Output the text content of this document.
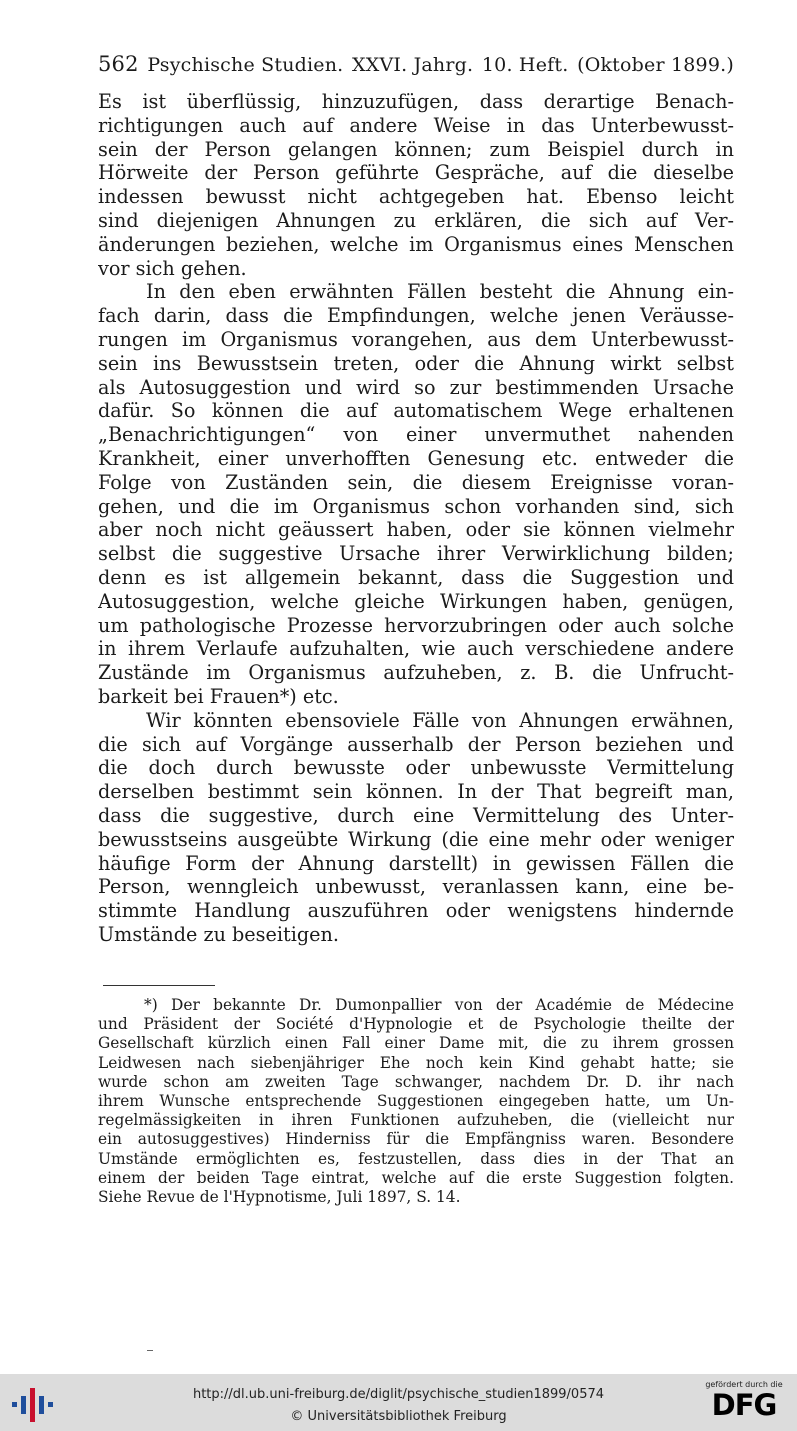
562 Psychische Studien. XXVI. Jahrg. 10. Heft. (Oktober 1899.)
Es ist überflüssig, hinzuzufügen, dass derartige Benach-
richtigungen auch auf andere Weise in das Unterbewusst-
sein der Person gelangen können; zum Beispiel durch in
Hörweite der Person geführte Gespräche, auf die dieselbe
indessen bewusst nicht achtgegeben hat. Ebenso leicht
sind diejenigen Ahnungen zu erklären, die sich auf Ver-
änderungen beziehen, welche im Organismus eines Menschen
vor sich gehen.
In den eben erwähnten Fällen besteht die Ahnung ein-
fach darin, dass die Empfindungen, welche jenen Veräusse-
rungen im Organismus vorangehen, aus dem Unterbewusst-
sein ins Bewusstsein treten, oder die Ahnung wirkt selbst
als Autosuggestion und wird so zur bestimmenden Ursache
dafür. So können die auf automatischem Wege erhaltenen
„Benachrichtigungen“ von einer unvermuthet nahenden
Krankheit, einer unverhofften Genesung etc. entweder die
Folge von Zuständen sein, die diesem Ereignisse voran-
gehen, und die im Organismus schon vorhanden sind, sich
aber noch nicht geäussert haben, oder sie können vielmehr
selbst die suggestive Ursache ihrer Verwirklichung bilden;
denn es ist allgemein bekannt, dass die Suggestion und
Autosuggestion, welche gleiche Wirkungen haben, genügen,
um pathologische Prozesse hervorzubringen oder auch solche
in ihrem Verlaufe aufzuhalten, wie auch verschiedene andere
Zustände im Organismus aufzuheben, z. B. die Unfrucht-
barkeit bei Frauen*) etc.
Wir könnten ebensoviele Fälle von Ahnungen erwähnen,
die sich auf Vorgänge ausserhalb der Person beziehen und
die doch durch bewusste oder unbewusste Vermittelung
derselben bestimmt sein können. In der That begreift man,
dass die suggestive, durch eine Vermittelung des Unter-
bewusstseins ausgeübte Wirkung (die eine mehr oder weniger
häufige Form der Ahnung darstellt) in gewissen Fällen die
Person, wenngleich unbewusst, veranlassen kann, eine be-
stimmte Handlung auszuführen oder wenigstens hindernde
Umstände zu beseitigen.
*) Der bekannte Dr. Dumonpallier von der Académie de Médecine
und Präsident der Société d'Hypnologie et de Psychologie theilte der
Gesellschaft kürzlich einen Fall einer Dame mit, die zu ihrem grossen
Leidwesen nach siebenjähriger Ehe noch kein Kind gehabt hatte; sie
wurde schon am zweiten Tage schwanger, nachdem Dr. D. ihr nach
ihrem Wunsche entsprechende Suggestionen eingegeben hatte, um Un-
regelmässigkeiten in ihren Funktionen aufzuheben, die (vielleicht nur
ein autosuggestives) Hinderniss für die Empfängniss waren. Besondere
Umstände ermöglichten es, festzustellen, dass dies in der That an
einem der beiden Tage eintrat, welche auf die erste Suggestion folgten.
Siehe Revue de l'Hypnotisme, Juli 1897, S. 14.
http://dl.ub.uni-freiburg.de/diglit/psychische_studien1899/0574
© Universitätsbibliothek Freiburg
gefördert durch die
DFG
